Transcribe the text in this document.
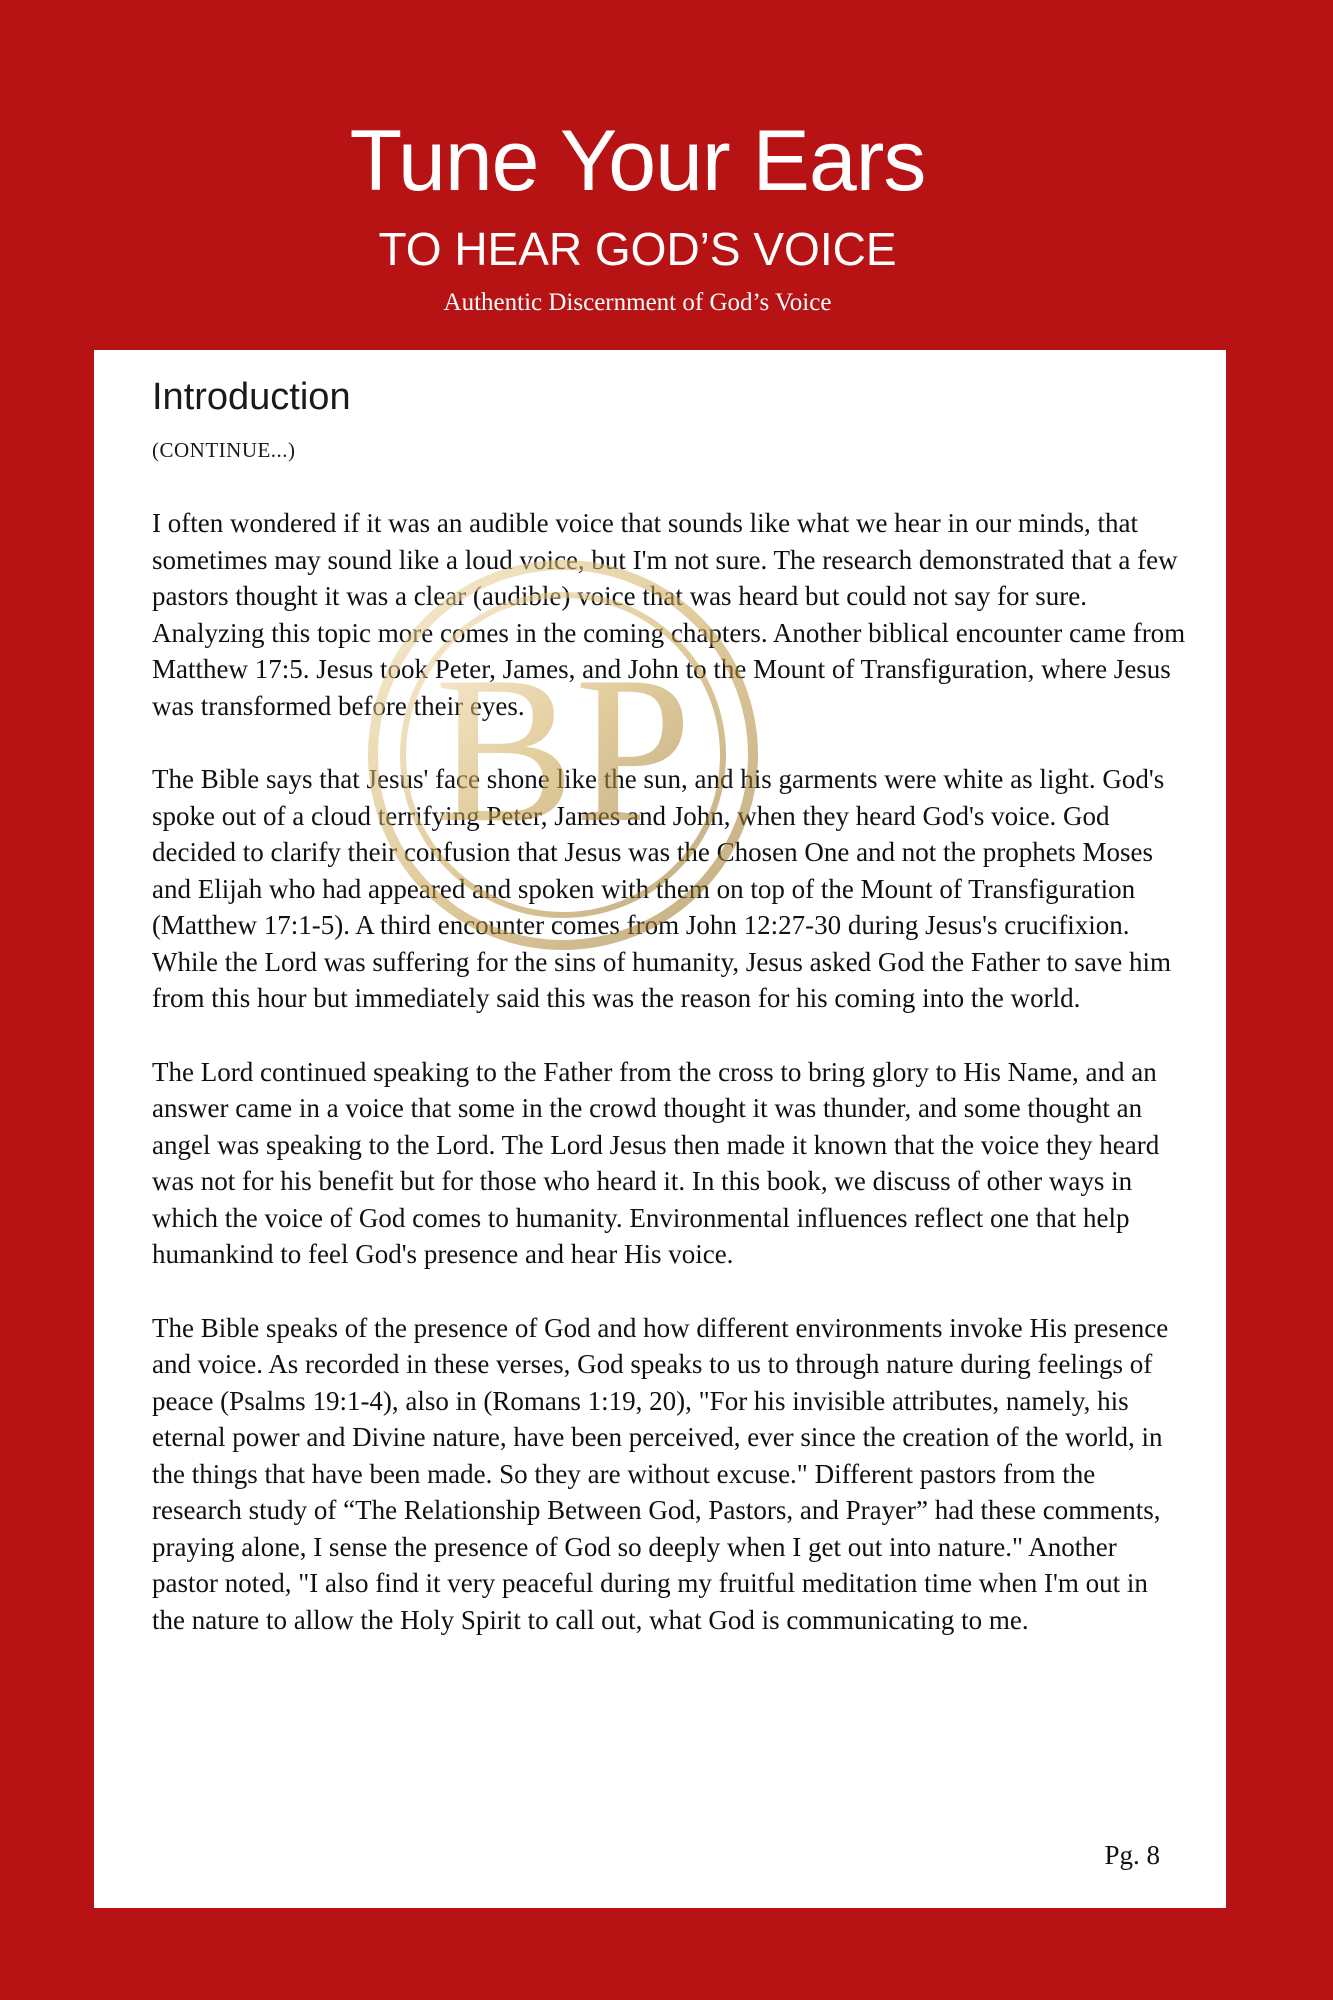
Tune Your Ears
TO HEAR GOD’S VOICE
Authentic Discernment of God’s Voice
Introduction
(CONTINUE...)

I often wondered if it was an audible voice that sounds like what we hear in our minds, that sometimes may sound like a loud voice, but I'm not sure. The research demonstrated that a few pastors thought it was a clear (audible) voice that was heard but could not say for sure. Analyzing this topic more comes in the coming chapters. Another biblical encounter came from Matthew 17:5. Jesus took Peter, James, and John to the Mount of Transfiguration, where Jesus was transformed before their eyes.

The Bible says that Jesus' face shone like the sun, and his garments were white as light. God's spoke out of a cloud terrifying Peter, James and John, when they heard God's voice. God decided to clarify their confusion that Jesus was the Chosen One and not the prophets Moses and Elijah who had appeared and spoken with them on top of the Mount of Transfiguration (Matthew 17:1-5). A third encounter comes from John 12:27-30 during Jesus's crucifixion. While the Lord was suffering for the sins of humanity, Jesus asked God the Father to save him from this hour but immediately said this was the reason for his coming into the world.

The Lord continued speaking to the Father from the cross to bring glory to His Name, and an answer came in a voice that some in the crowd thought it was thunder, and some thought an angel was speaking to the Lord. The Lord Jesus then made it known that the voice they heard was not for his benefit but for those who heard it. In this book, we discuss of other ways in which the voice of God comes to humanity. Environmental influences reflect one that help humankind to feel God's presence and hear His voice.

The Bible speaks of the presence of God and how different environments invoke His presence and voice. As recorded in these verses, God speaks to us to through nature during feelings of peace (Psalms 19:1-4), also in (Romans 1:19, 20), "For his invisible attributes, namely, his eternal power and Divine nature, have been perceived, ever since the creation of the world, in the things that have been made. So they are without excuse." Different pastors from the research study of “The Relationship Between God, Pastors, and Prayer” had these comments, praying alone, I sense the presence of God so deeply when I get out into nature." Another pastor noted, "I also find it very peaceful during my fruitful meditation time when I'm out in the nature to allow the Holy Spirit to call out, what God is communicating to me.

Pg. 8
BP
